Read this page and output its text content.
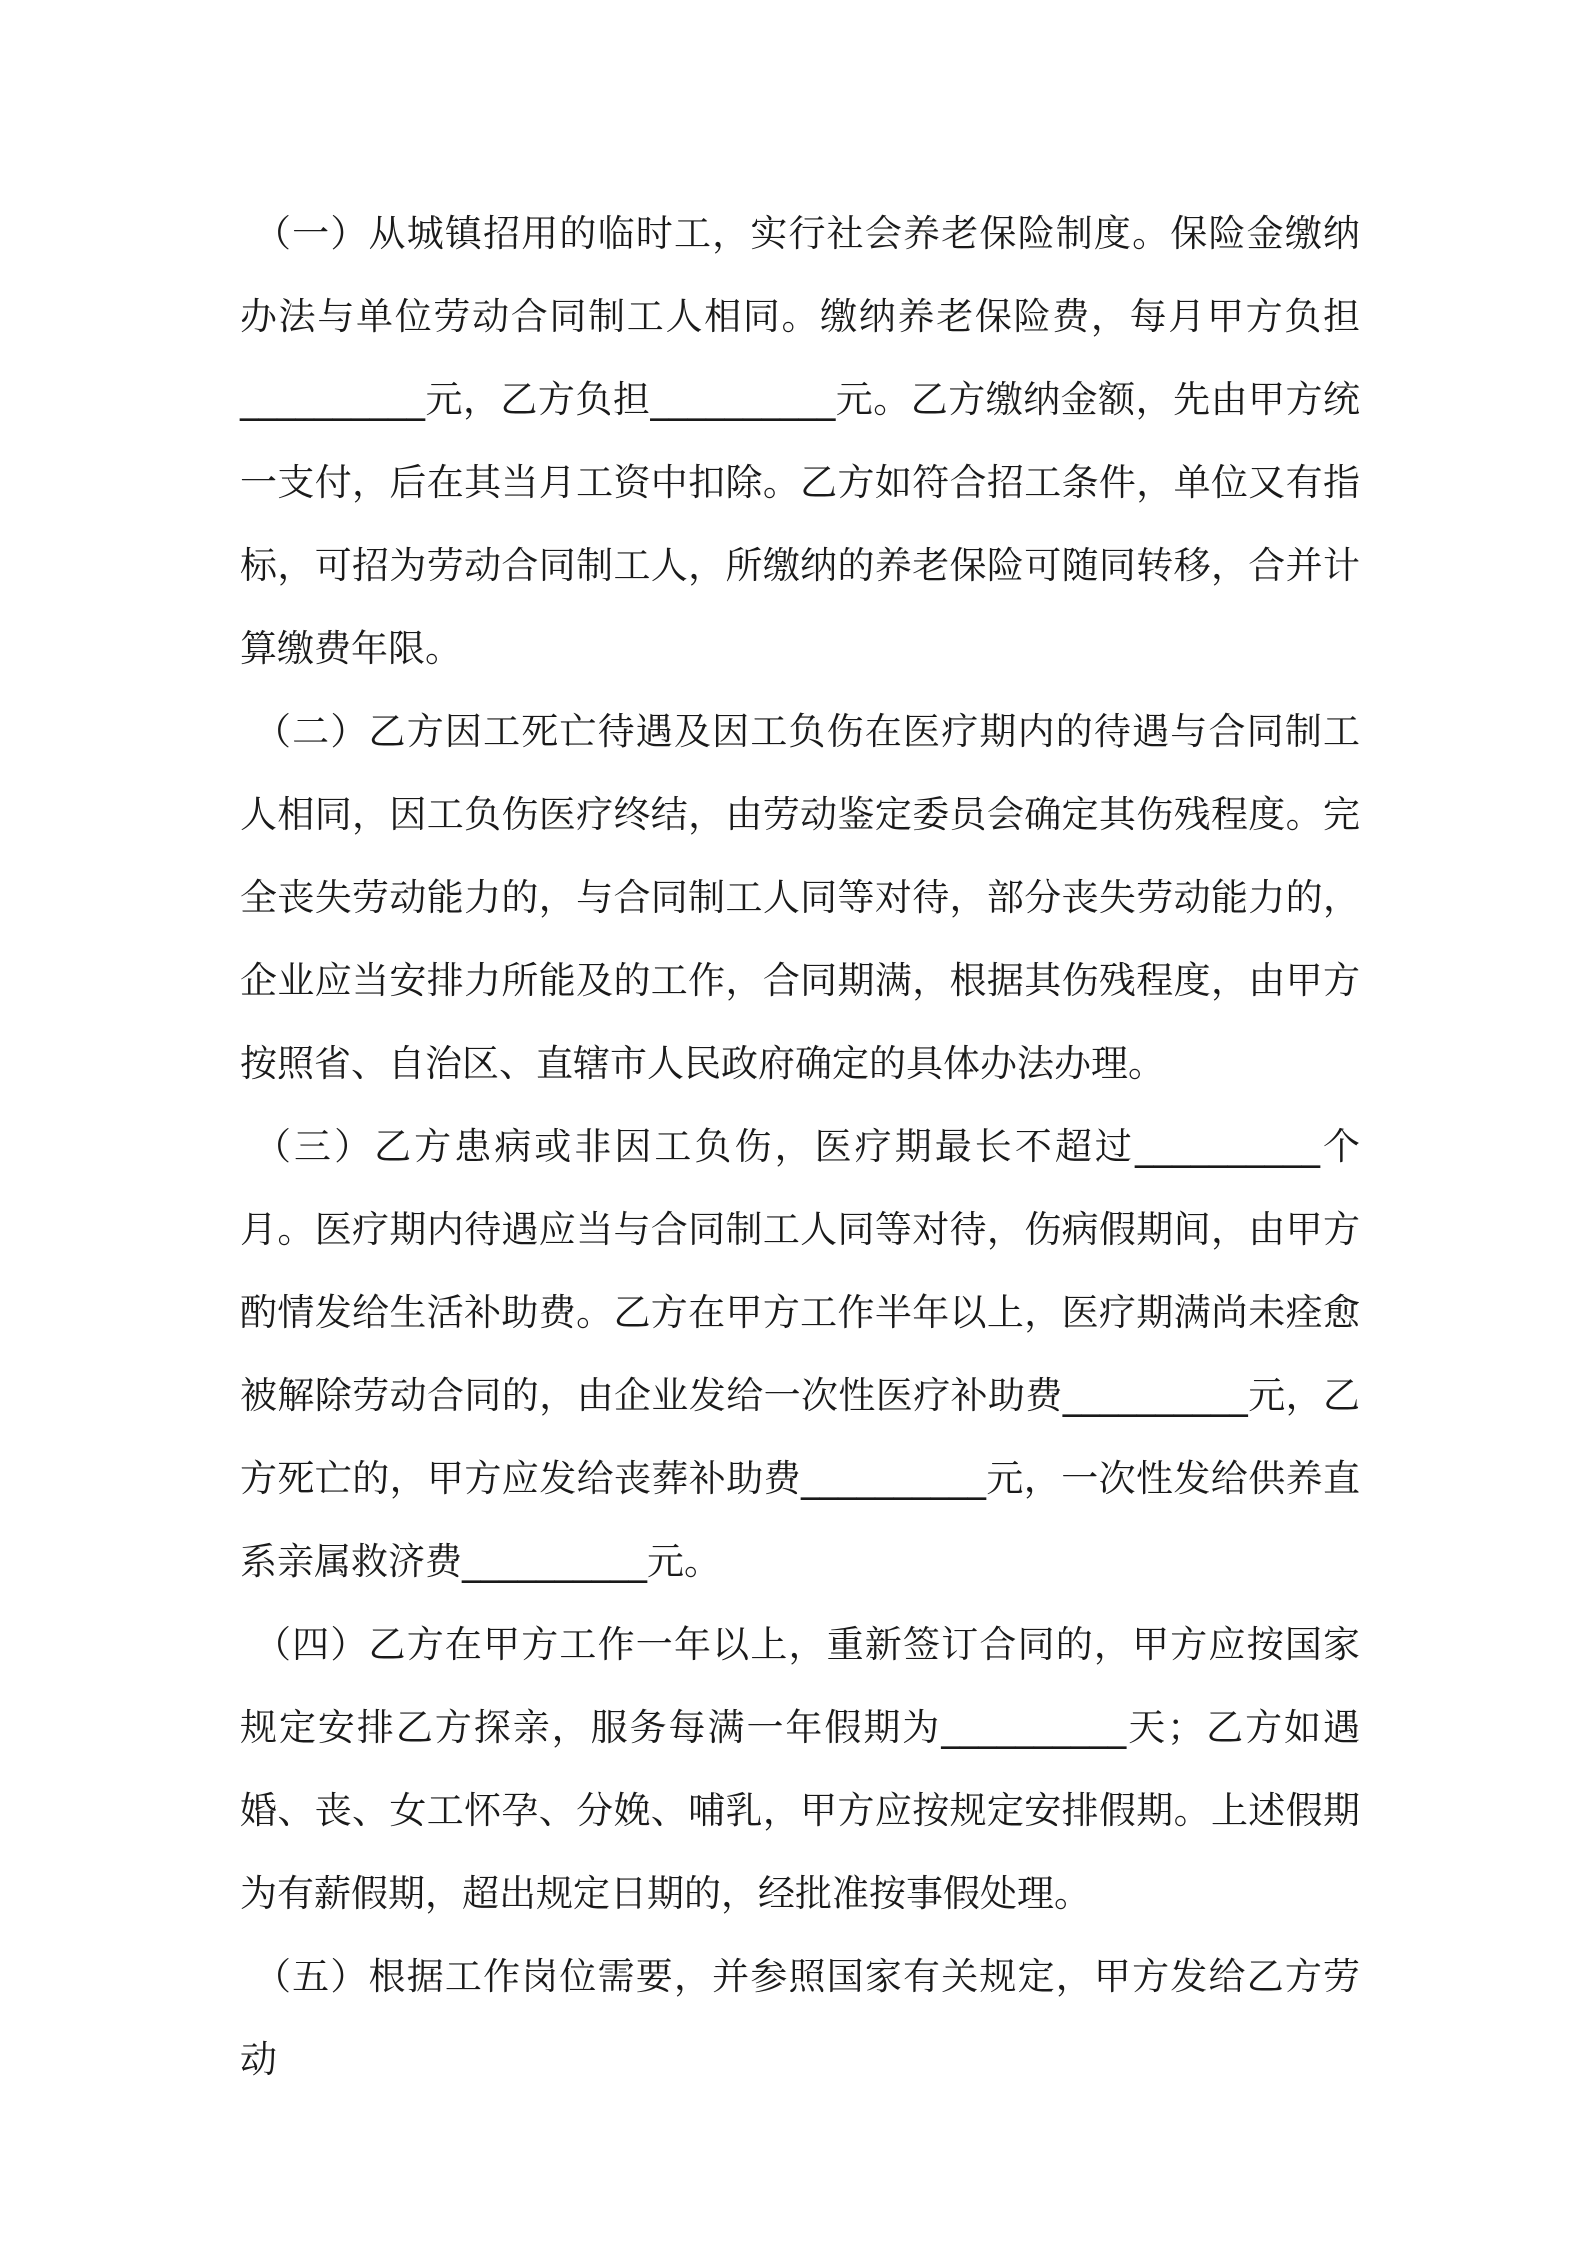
（一）从城镇招用的临时工，实行社会养老保险制度。保险金缴纳办法与单位劳动合同制工人相同。缴纳养老保险费，每月甲方负担__________元，乙方负担__________元。乙方缴纳金额，先由甲方统一支付，后在其当月工资中扣除。乙方如符合招工条件，单位又有指标，可招为劳动合同制工人，所缴纳的养老保险可随同转移，合并计算缴费年限。

（二）乙方因工死亡待遇及因工负伤在医疗期内的待遇与合同制工人相同，因工负伤医疗终结，由劳动鉴定委员会确定其伤残程度。完全丧失劳动能力的，与合同制工人同等对待，部分丧失劳动能力的，企业应当安排力所能及的工作，合同期满，根据其伤残程度，由甲方按照省、自治区、直辖市人民政府确定的具体办法办理。

（三）乙方患病或非因工负伤，医疗期最长不超过__________个月。医疗期内待遇应当与合同制工人同等对待，伤病假期间，由甲方酌情发给生活补助费。乙方在甲方工作半年以上，医疗期满尚未痊愈被解除劳动合同的，由企业发给一次性医疗补助费__________元，乙方死亡的，甲方应发给丧葬补助费__________元，一次性发给供养直系亲属救济费__________元。

（四）乙方在甲方工作一年以上，重新签订合同的，甲方应按国家规定安排乙方探亲，服务每满一年假期为__________天；乙方如遇婚、丧、女工怀孕、分娩、哺乳，甲方应按规定安排假期。上述假期为有薪假期，超出规定日期的，经批准按事假处理。

（五）根据工作岗位需要，并参照国家有关规定，甲方发给乙方劳动
